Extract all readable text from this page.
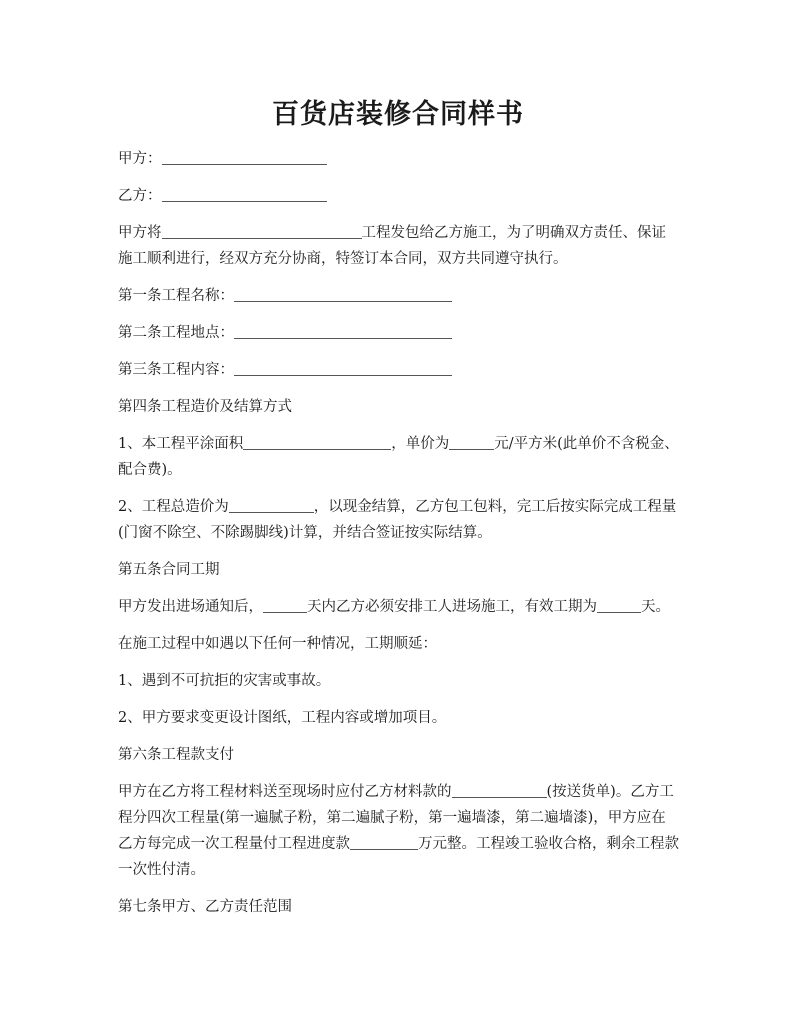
百货店装修合同样书

甲方：

乙方：

甲方将	工程发包给乙方施工，为了明确双方责任、保证施工顺利进行，经双方充分协商，特签订本合同，双方共同遵守执行。

第一条工程名称：

第二条工程地点：

第三条工程内容：

第四条工程造价及结算方式

1、本工程平涂面积	，单价为	元/平方米(此单价不含税金、配合费)。

2、工程总造价为	，以现金结算，乙方包工包料，完工后按实际完成工程量(门窗不除空、不除踢脚线)计算，并结合签证按实际结算。

第五条合同工期

甲方发出进场通知后，	天内乙方必须安排工人进场施工，有效工期为	天。

在施工过程中如遇以下任何一种情况，工期顺延：

1、遇到不可抗拒的灾害或事故。

2、甲方要求变更设计图纸，工程内容或增加项目。

第六条工程款支付

甲方在乙方将工程材料送至现场时应付乙方材料款的	(按送货单)。乙方工程分四次工程量(第一遍腻子粉，第二遍腻子粉，第一遍墙漆，第二遍墙漆)，甲方应在乙方每完成一次工程量付工程进度款	万元整。工程竣工验收合格，剩余工程款一次性付清。

第七条甲方、乙方责任范围
